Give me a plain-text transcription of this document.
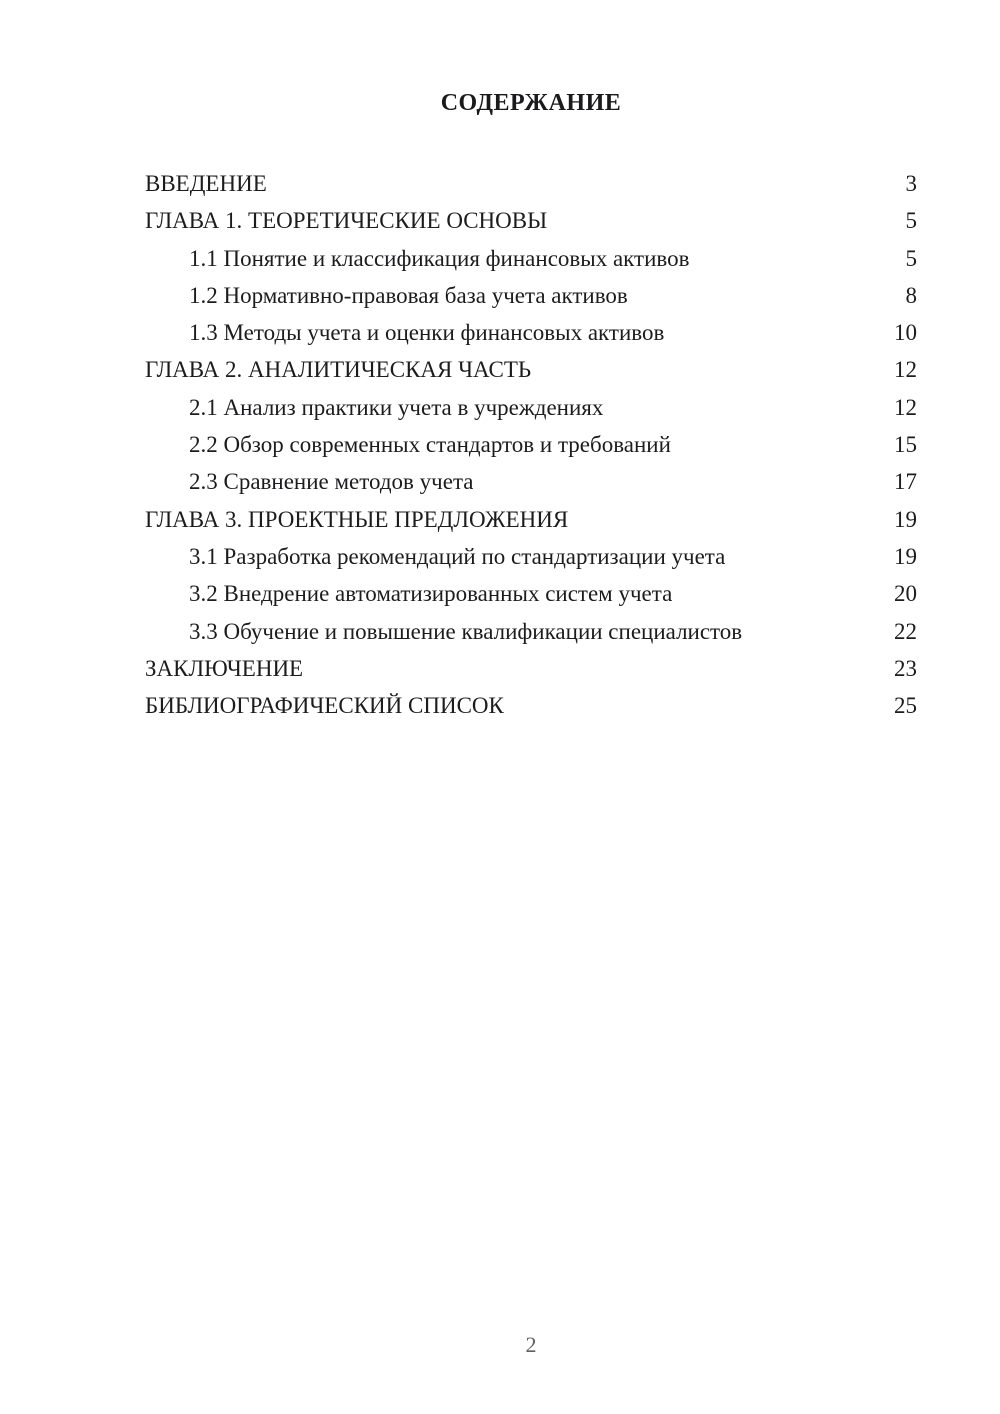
СОДЕРЖАНИЕ
ВВЕДЕНИЕ	3
ГЛАВА 1. ТЕОРЕТИЧЕСКИЕ ОСНОВЫ	5
1.1 Понятие и классификация финансовых активов	5
1.2 Нормативно-правовая база учета активов	8
1.3 Методы учета и оценки финансовых активов	10
ГЛАВА 2. АНАЛИТИЧЕСКАЯ ЧАСТЬ	12
2.1 Анализ практики учета в учреждениях	12
2.2 Обзор современных стандартов и требований	15
2.3 Сравнение методов учета	17
ГЛАВА 3. ПРОЕКТНЫЕ ПРЕДЛОЖЕНИЯ	19
3.1 Разработка рекомендаций по стандартизации учета	19
3.2 Внедрение автоматизированных систем учета	20
3.3 Обучение и повышение квалификации специалистов	22
ЗАКЛЮЧЕНИЕ	23
БИБЛИОГРАФИЧЕСКИЙ СПИСОК	25
2
